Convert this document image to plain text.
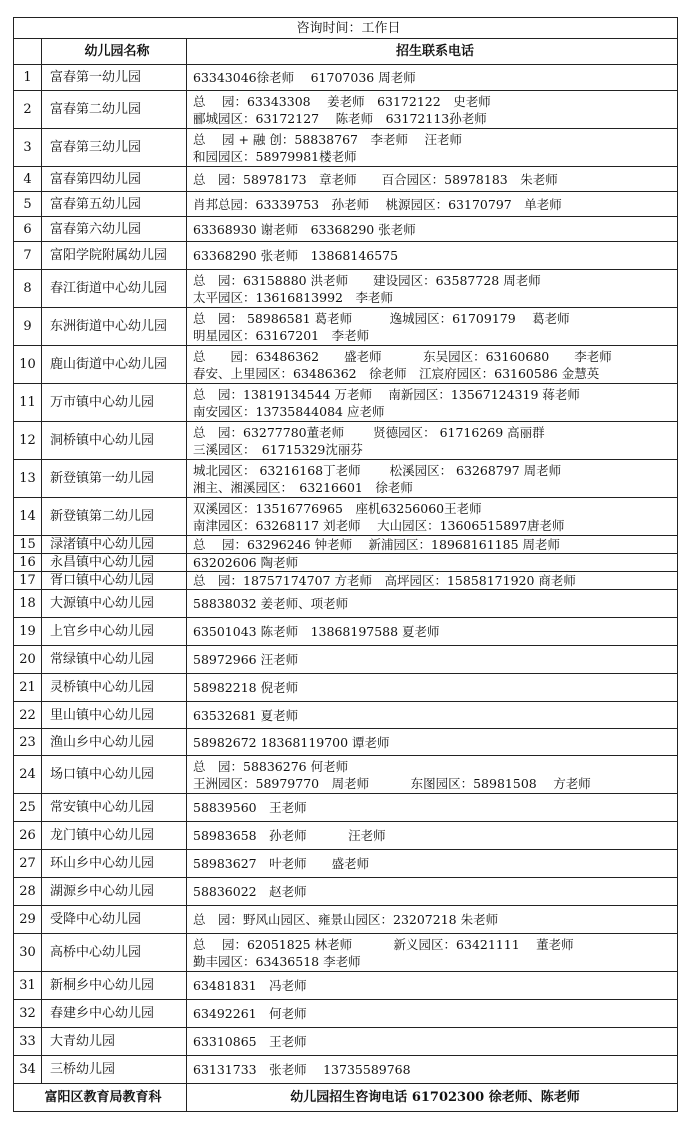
咨询时间：工作日		
	幼儿园名称	招生联系电话
1	富春第一幼儿园	63343046徐老师　 61707036 周老师

2	富春第二幼儿园	总　 园：63343308　 姜老师　63172122　史老师
郦城园区：63172127　 陈老师　63172113孙老师

3	富春第三幼儿园	总　 园 + 融 创：58838767　李老师　 汪老师
和园园区：58979981楼老师

4	富春第四幼儿园	总　园：58978173　章老师　　百合园区：58978183　朱老师

5	富春第五幼儿园	肖邦总园：63339753　孙老师　 桃源园区：63170797　单老师

6	富春第六幼儿园	63368930 谢老师　63368290 张老师

7	富阳学院附属幼儿园	63368290 张老师　13868146575

8	春江街道中心幼儿园	总　园：63158880 洪老师　　建设园区：63587728 周老师
太平园区：13616813992　李老师

9	东洲街道中心幼儿园	总　园： 58986581 葛老师　　　逸城园区：61709179　 葛老师
明星园区：63167201　李老师

10	鹿山街道中心幼儿园	总　　园：63486362　　盛老师　　　 东吴园区：63160680　　李老师
春安、上里园区：63486362　徐老师　江宸府园区：63160586 金慧英

11	万市镇中心幼儿园	总　园：13819134544 万老师　 南新园区：13567124319 蒋老师
南安园区：13735844084 应老师

12	洞桥镇中心幼儿园	总　园：63277780董老师　　 贤德园区： 61716269 高丽群
三溪园区：　61715329沈丽芬

13	新登镇第一幼儿园	城北园区： 63216168丁老师　　 松溪园区： 63268797 周老师
湘主、湘溪园区：　63216601　徐老师

14	新登镇第二幼儿园	双溪园区：13516776965　座机63256060王老师
南津园区：63268117 刘老师　 大山园区：13606515897唐老师

15	渌渚镇中心幼儿园	总　 园：63296246 钟老师　 新浦园区：18968161185 周老师

16	永昌镇中心幼儿园	63202606 陶老师

17	胥口镇中心幼儿园	总　园：18757174707 方老师　高坪园区：15858171920 商老师

18	大源镇中心幼儿园	58838032 姜老师、项老师

19	上官乡中心幼儿园	63501043 陈老师　13868197588 夏老师

20	常绿镇中心幼儿园	58972966 汪老师

21	灵桥镇中心幼儿园	58982218 倪老师

22	里山镇中心幼儿园	63532681 夏老师

23	渔山乡中心幼儿园	58982672 18368119700 谭老师

24	场口镇中心幼儿园	总　园：58836276 何老师
王洲园区：58979770　周老师　　　 东图园区：58981508　 方老师

25	常安镇中心幼儿园	58839560　王老师

26	龙门镇中心幼儿园	58983658　孙老师　　　 汪老师

27	环山乡中心幼儿园	58983627　叶老师　　盛老师

28	湖源乡中心幼儿园	58836022　赵老师

29	受降中心幼儿园	总　园：野风山园区、雍景山园区：23207218 朱老师

30	高桥中心幼儿园	总　 园：62051825 林老师　　　 新义园区：63421111　 董老师
勤丰园区：63436518 李老师

31	新桐乡中心幼儿园	63481831　冯老师

32	春建乡中心幼儿园	63492261　何老师

33	大青幼儿园	63310865　王老师

34	三桥幼儿园	63131733　张老师　 13735589768

富阳区教育局教育科		幼儿园招生咨询电话 61702300 徐老师、陈老师
